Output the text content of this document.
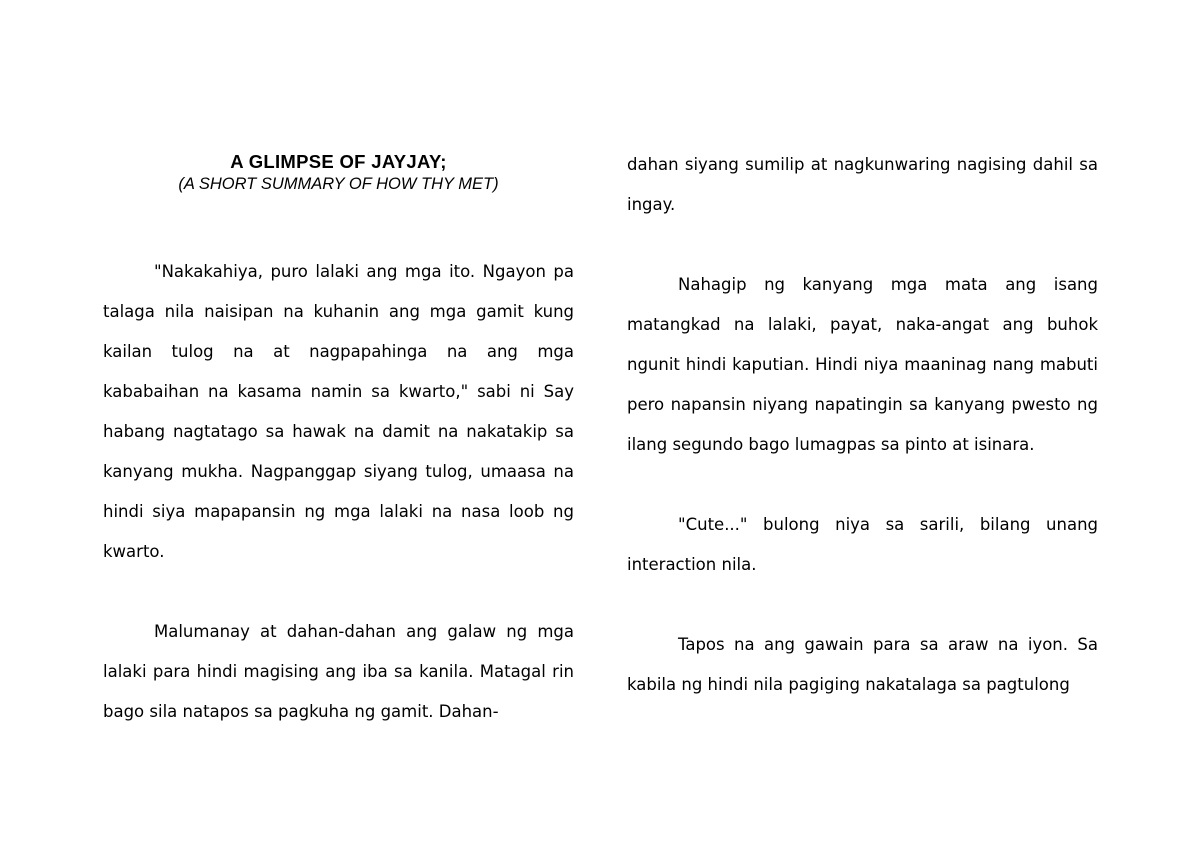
A GLIMPSE OF JAYJAY;
(A SHORT SUMMARY OF HOW THY MET)

"Nakakahiya, puro lalaki ang mga ito. Ngayon pa talaga nila naisipan na kuhanin ang mga gamit kung kailan tulog na at nagpapahinga na ang mga kababaihan na kasama namin sa kwarto," sabi ni Say habang nagtatago sa hawak na damit na nakatakip sa kanyang mukha. Nagpanggap siyang tulog, umaasa na hindi siya mapapansin ng mga lalaki na nasa loob ng kwarto.

Malumanay at dahan-dahan ang galaw ng mga lalaki para hindi magising ang iba sa kanila. Matagal rin bago sila natapos sa pagkuha ng gamit. Dahan-

dahan siyang sumilip at nagkunwaring nagising dahil sa ingay.

Nahagip ng kanyang mga mata ang isang matangkad na lalaki, payat, naka-angat ang buhok ngunit hindi kaputian. Hindi niya maaninag nang mabuti pero napansin niyang napatingin sa kanyang pwesto ng ilang segundo bago lumagpas sa pinto at isinara.

"Cute..." bulong niya sa sarili, bilang unang interaction nila.

Tapos na ang gawain para sa araw na iyon. Sa kabila ng hindi nila pagiging nakatalaga sa pagtulong
